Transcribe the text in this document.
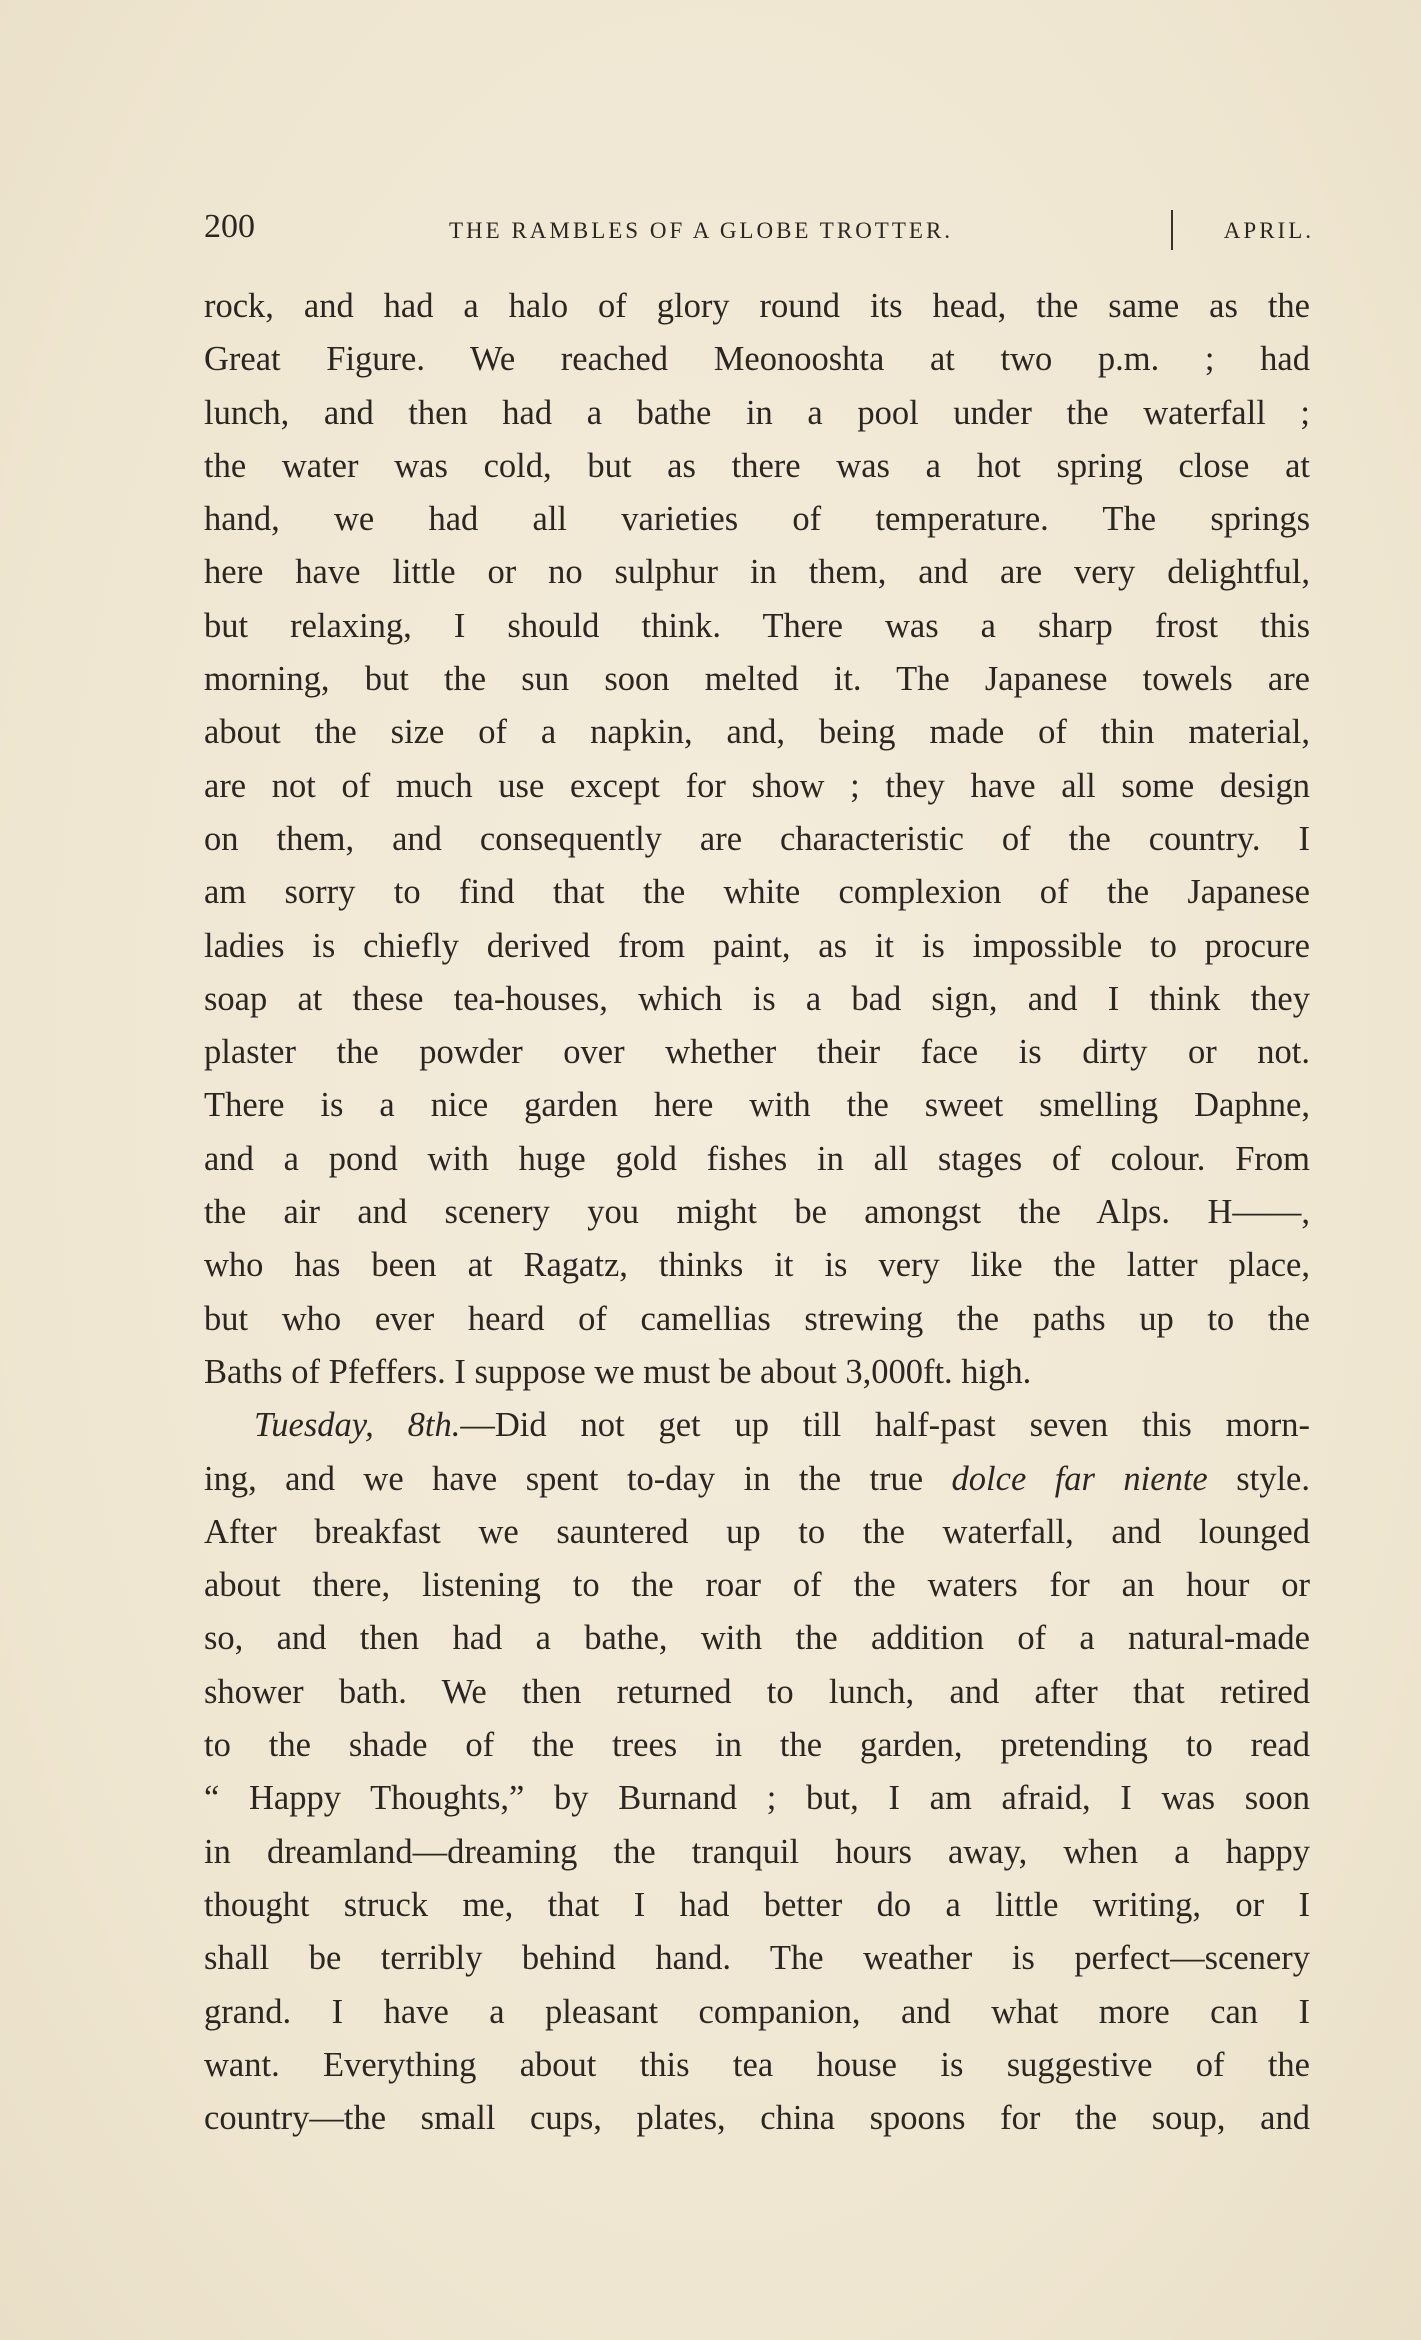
200	THE RAMBLES OF A GLOBE TROTTER.	APRIL.
rock, and had a halo of glory round its head, the same as the
Great Figure. We reached Meonooshta at two p.m. ; had
lunch, and then had a bathe in a pool under the waterfall ;
the water was cold, but as there was a hot spring close at
hand, we had all varieties of temperature. The springs
here have little or no sulphur in them, and are very delightful,
but relaxing, I should think. There was a sharp frost this
morning, but the sun soon melted it. The Japanese towels are
about the size of a napkin, and, being made of thin material,
are not of much use except for show ; they have all some design
on them, and consequently are characteristic of the country. I
am sorry to find that the white complexion of the Japanese
ladies is chiefly derived from paint, as it is impossible to procure
soap at these tea-houses, which is a bad sign, and I think they
plaster the powder over whether their face is dirty or not.
There is a nice garden here with the sweet smelling Daphne,
and a pond with huge gold fishes in all stages of colour. From
the air and scenery you might be amongst the Alps. H——,
who has been at Ragatz, thinks it is very like the latter place,
but who ever heard of camellias strewing the paths up to the
Baths of Pfeffers. I suppose we must be about 3,000ft. high.
Tuesday, 8th.—Did not get up till half-past seven this morn-
ing, and we have spent to-day in the true dolce far niente style.
After breakfast we sauntered up to the waterfall, and lounged
about there, listening to the roar of the waters for an hour or
so, and then had a bathe, with the addition of a natural-made
shower bath. We then returned to lunch, and after that retired
to the shade of the trees in the garden, pretending to read
“ Happy Thoughts,” by Burnand ; but, I am afraid, I was soon
in dreamland—dreaming the tranquil hours away, when a happy
thought struck me, that I had better do a little writing, or I
shall be terribly behind hand. The weather is perfect—scenery
grand. I have a pleasant companion, and what more can I
want. Everything about this tea house is suggestive of the
country—the small cups, plates, china spoons for the soup, and
